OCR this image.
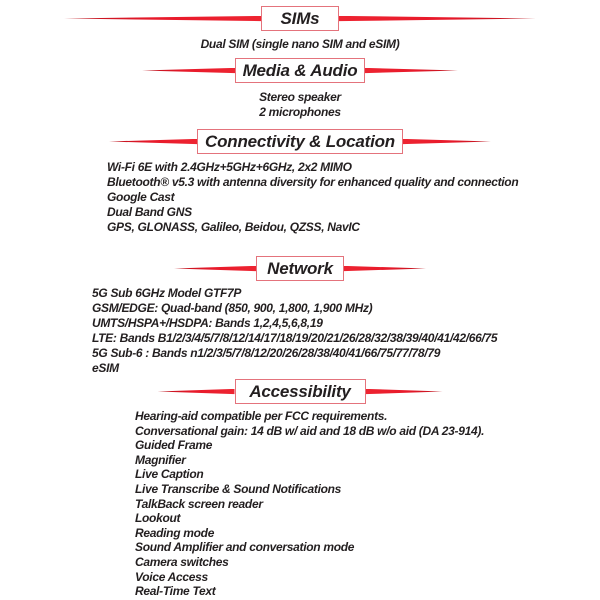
SIMs
Dual SIM (single nano SIM and eSIM)
Media & Audio
Stereo speaker
2 microphones
Connectivity & Location
Wi-Fi 6E with 2.4GHz+5GHz+6GHz, 2x2 MIMO
Bluetooth® v5.3 with antenna diversity for enhanced quality and connection
Google Cast
Dual Band GNS
GPS, GLONASS, Galileo, Beidou, QZSS, NavIC
Network
5G Sub 6GHz Model GTF7P
GSM/EDGE: Quad-band (850, 900, 1,800, 1,900 MHz)
UMTS/HSPA+/HSDPA: Bands 1,2,4,5,6,8,19
LTE: Bands B1/2/3/4/5/7/8/12/14/17/18/19/20/21/26/28/32/38/39/40/41/42/66/75
5G Sub-6 : Bands n1/2/3/5/7/8/12/20/26/28/38/40/41/66/75/77/78/79
eSIM
Accessibility
Hearing-aid compatible per FCC requirements.
Conversational gain: 14 dB w/ aid and 18 dB w/o aid (DA 23-914).
Guided Frame
Magnifier
Live Caption
Live Transcribe & Sound Notifications
TalkBack screen reader
Lookout
Reading mode
Sound Amplifier and conversation mode
Camera switches
Voice Access
Real-Time Text
